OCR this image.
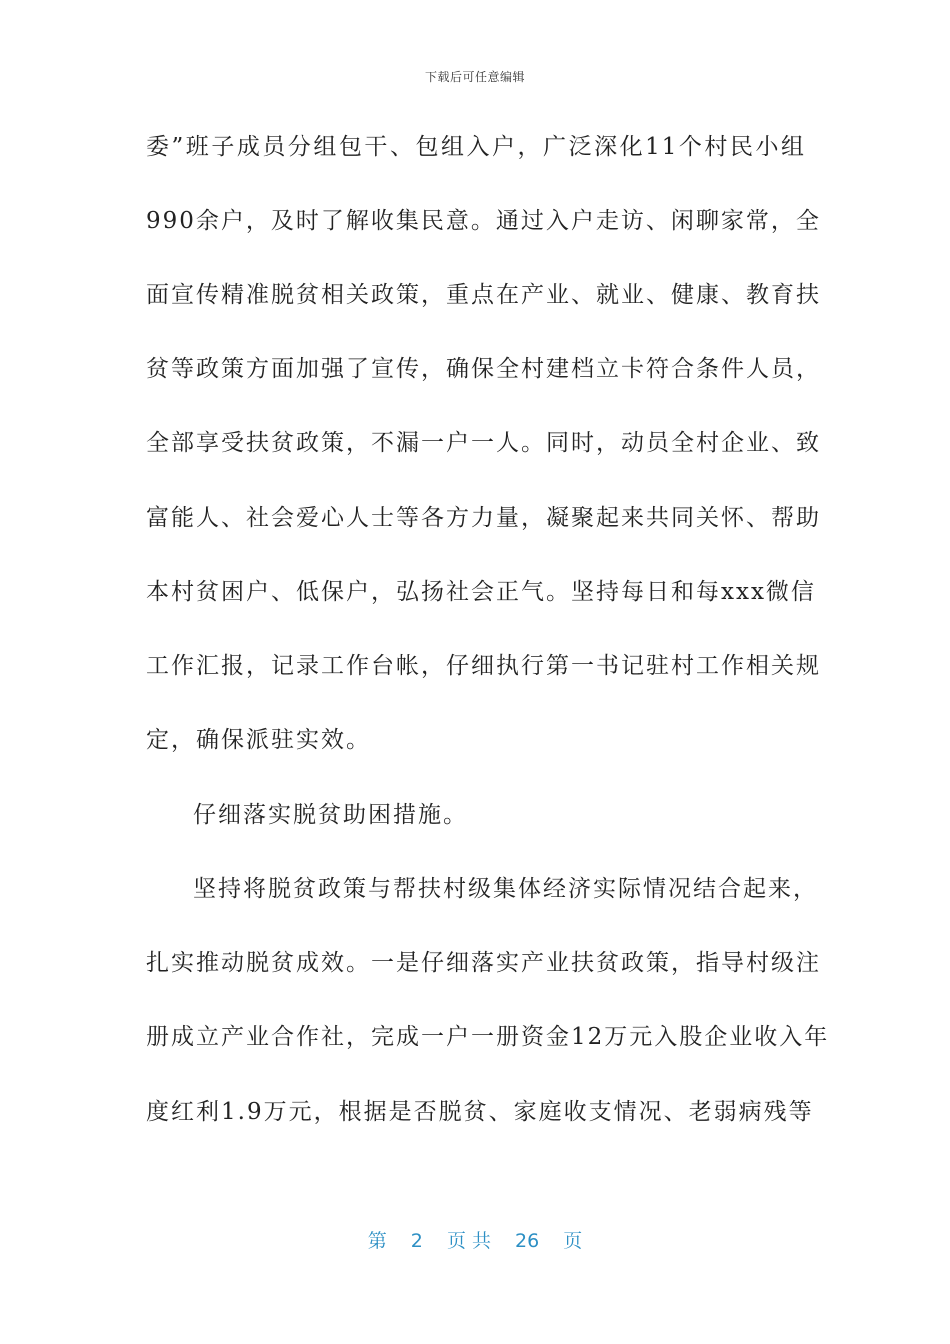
下载后可任意编辑
委”班子成员分组包干、包组入户，广泛深化11个村民小组
990余户，及时了解收集民意。通过入户走访、闲聊家常，全
面宣传精准脱贫相关政策，重点在产业、就业、健康、教育扶
贫等政策方面加强了宣传，确保全村建档立卡符合条件人员，
全部享受扶贫政策，不漏一户一人。同时，动员全村企业、致
富能人、社会爱心人士等各方力量，凝聚起来共同关怀、帮助
本村贫困户、低保户，弘扬社会正气。坚持每日和每xxx微信
工作汇报，记录工作台帐，仔细执行第一书记驻村工作相关规
定，确保派驻实效。
仔细落实脱贫助困措施。
坚持将脱贫政策与帮扶村级集体经济实际情况结合起来，
扎实推动脱贫成效。一是仔细落实产业扶贫政策，指导村级注
册成立产业合作社，完成一户一册资金12万元入股企业收入年
度红利1.9万元，根据是否脱贫、家庭收支情况、老弱病残等
第 2 页共 26 页
